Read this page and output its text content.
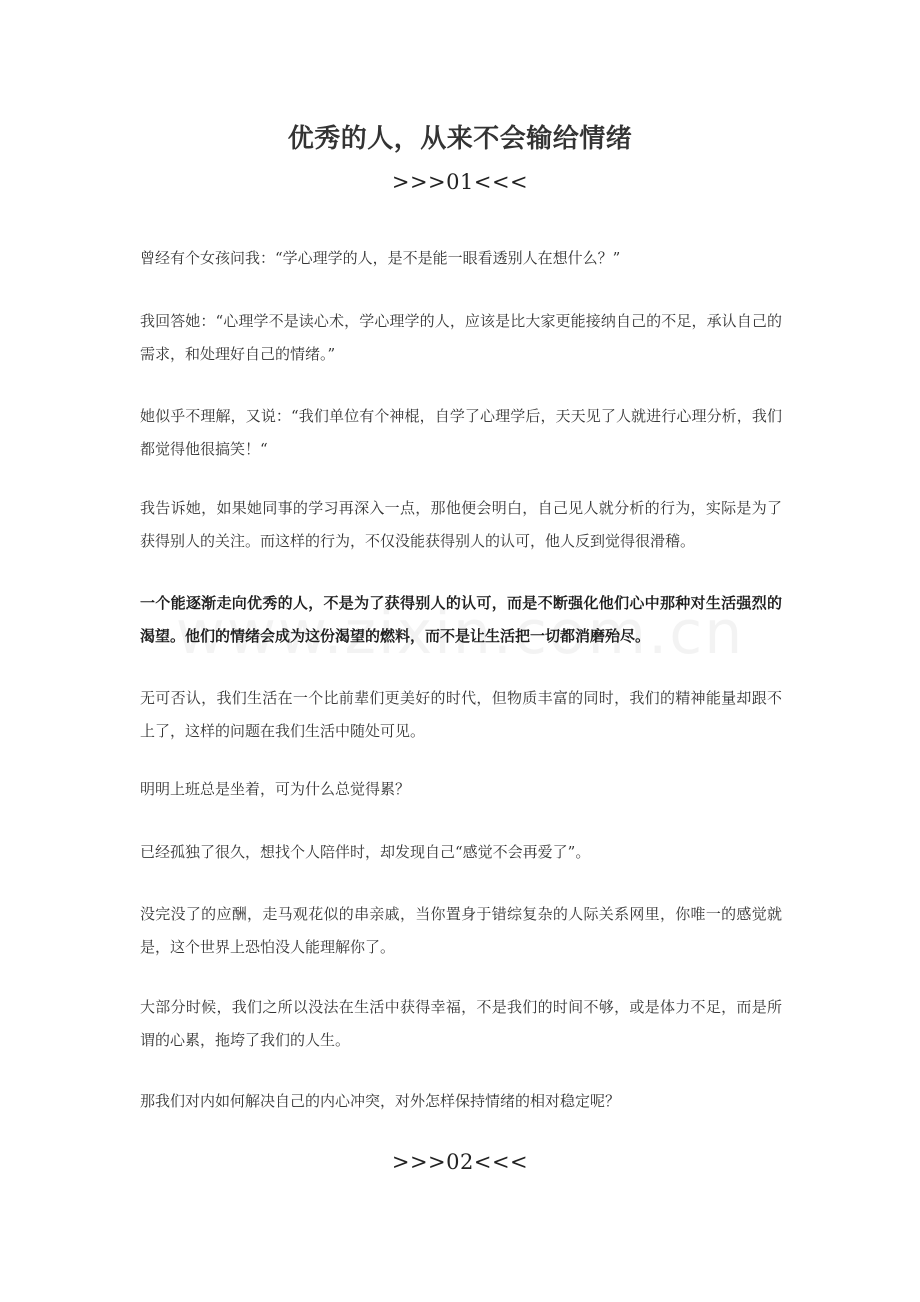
优秀的人，从来不会输给情绪
>>>01<<<
曾经有个女孩问我：“学心理学的人，是不是能一眼看透别人在想什么？”
我回答她：“心理学不是读心术，学心理学的人，应该是比大家更能接纳自己的不足，承认自己的需求，和处理好自己的情绪。”
她似乎不理解，又说：“我们单位有个神棍，自学了心理学后，天天见了人就进行心理分析，我们都觉得他很搞笑！“
我告诉她，如果她同事的学习再深入一点，那他便会明白，自己见人就分析的行为，实际是为了获得别人的关注。而这样的行为，不仅没能获得别人的认可，他人反到觉得很滑稽。
一个能逐渐走向优秀的人，不是为了获得别人的认可，而是不断强化他们心中那种对生活强烈的渴望。他们的情绪会成为这份渴望的燃料，而不是让生活把一切都消磨殆尽。
无可否认，我们生活在一个比前辈们更美好的时代，但物质丰富的同时，我们的精神能量却跟不上了，这样的问题在我们生活中随处可见。
明明上班总是坐着，可为什么总觉得累？
已经孤独了很久，想找个人陪伴时，却发现自己“感觉不会再爱了”。
没完没了的应酬，走马观花似的串亲戚，当你置身于错综复杂的人际关系网里，你唯一的感觉就是，这个世界上恐怕没人能理解你了。
大部分时候，我们之所以没法在生活中获得幸福，不是我们的时间不够，或是体力不足，而是所谓的心累，拖垮了我们的人生。
那我们对内如何解决自己的内心冲突，对外怎样保持情绪的相对稳定呢？
>>>02<<<
